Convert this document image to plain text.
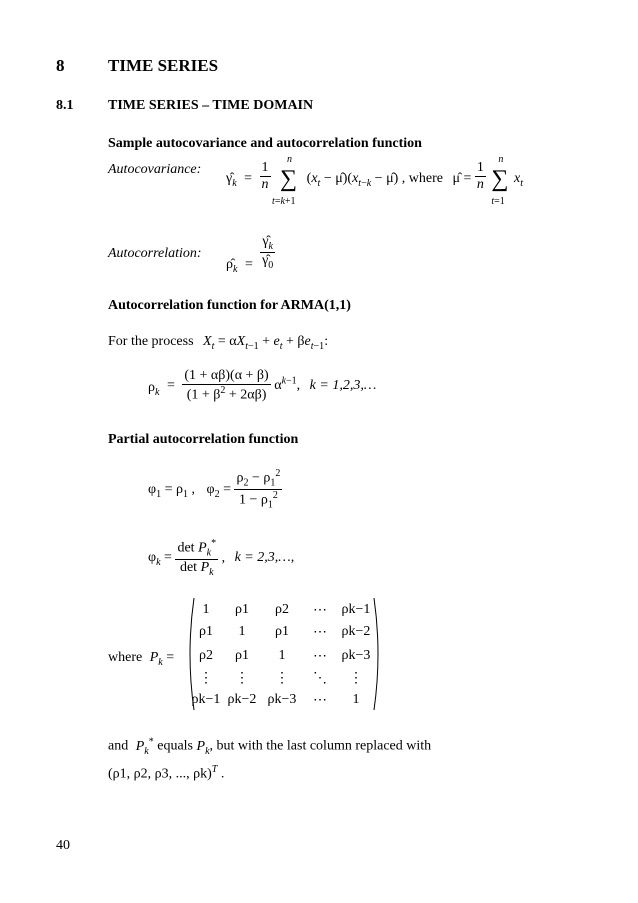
8	TIME SERIES
8.1 TIME SERIES – TIME DOMAIN
Sample autocovariance and autocorrelation function
Autocovariance:
$\gammâ_k = \frac{1}{n}$

n
∑
t=k+1
($x_t$ − $\mû)(x_{t-k}$ − μ̂) , where μ̂ = $\frac{1}{n}$

n
∑
t=1
$x_t$
Autocorrelation:
$\rhô_k = \frac{\gammâ_k}{\gammâ_0}$
Autocorrelation function for ARMA(1,1)
For the process $X_t = \alpha X_{t-1} + e_t + \beta e_{t-1}$:
$\rho_k = \frac{(1 + \alpha\beta)(\alpha + \beta)}{(1 + \beta^2 + 2\alpha\beta)} \alpha^{k-1}$, k = 1,2,3,…
Partial autocorrelation function
$\varphi_1 = \rho_1$ , $\varphi_2 = \frac{\rho_2 - \rho_1^2}{1 - \rho_1^2}$
$\varphi_k = \frac{\det P_k^*}{\det P_k}$ , k = 2,3,…,
where $P_k$ =
1	ρ1	ρ2	⋯	ρk−1
ρ1	1	ρ1	⋯	ρk−2
ρ2	ρ1	1	⋯	ρk−3
⋮	⋮	⋮	⋱	⋮
ρk−1 ρk−2 ρk−3	⋯	1
and $P_k^*$ equals $P_k$, but with the last column replaced with
(ρ1, ρ2, ρ3, ..., ρk)$^T$ .
40
